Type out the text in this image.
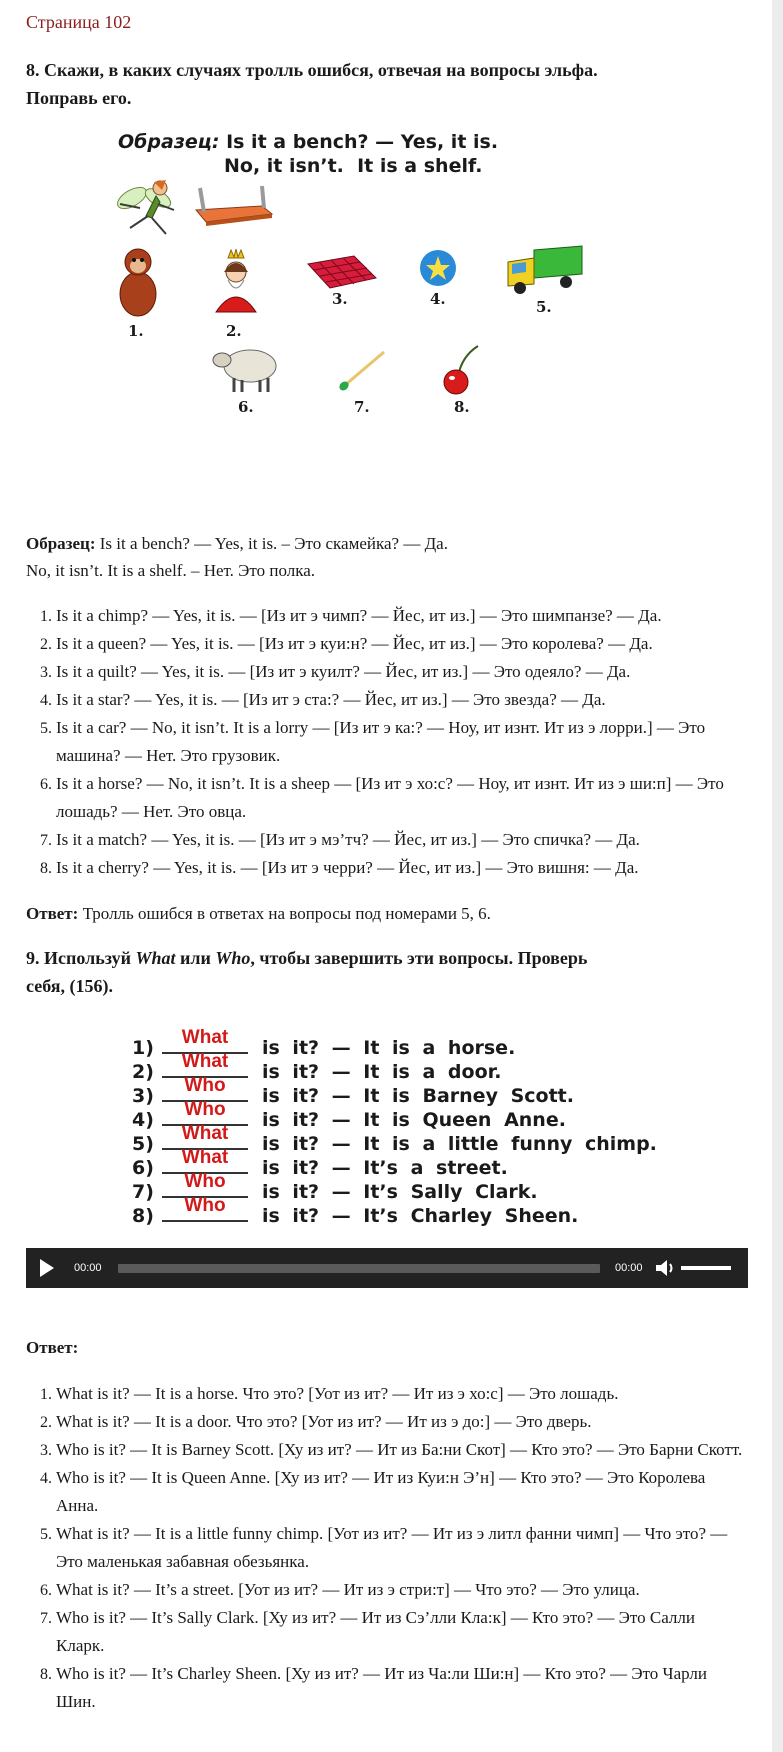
Страница 102
8. Скажи, в каких случаях тролль ошибся, отвечая на вопросы эльфа.
Поправь его.
Образец: Is it a bench? — Yes, it is.
No, it isn’t.  It is a shelf.
1.	2.
3.	4.	5.
6.	7.	8.
Образец: Is it a bench? — Yes, it is. – Это скамейка? — Да.
No, it isn’t. It is a shelf. – Нет. Это полка.
1. Is it a chimp? — Yes, it is. — [Из ит э чимп? — Йес, ит из.] — Это шимпанзе? — Да.
2. Is it a queen? — Yes, it is. — [Из ит э куи:н? — Йес, ит из.] — Это королева? — Да.
3. Is it a quilt? — Yes, it is. — [Из ит э куилт? — Йес, ит из.] — Это одеяло? — Да.
4. Is it a star? — Yes, it is. — [Из ит э ста:? — Йес, ит из.] — Это звезда? — Да.
5. Is it a car? — No, it isn’t. It is a lorry — [Из ит э ка:? — Ноу, ит изнт. Ит из э лорри.] — Это машина? — Нет. Это грузовик.
6. Is it a horse? — No, it isn’t. It is a sheep — [Из ит э хо:с? — Ноу, ит изнт. Ит из э ши:п] — Это лошадь? — Нет. Это овца.
7. Is it a match? — Yes, it is. — [Из ит э мэ’тч? — Йес, ит из.] — Это спичка? — Да.
8. Is it a cherry? — Yes, it is. — [Из ит э черри? — Йес, ит из.] — Это вишня: — Да.
Ответ: Тролль ошибся в ответах на вопросы под номерами 5, 6.
9. Используй What или Who, чтобы завершить эти вопросы. Проверь
себя, (156).
1)	What	is it? — It is a horse.
2)	What	is it? — It is a door.
3)	Who	is it? — It is Barney Scott.
4)	Who	is it? — It is Queen Anne.
5)	What	is it? — It is a little funny chimp.
6)	What	is it? — It’s a street.
7)	Who	is it? — It’s Sally Clark.
8)	Who	is it? — It’s Charley Sheen.
00:00	00:00
Ответ:
1. What is it? — It is a horse. Что это? [Уот из ит? — Ит из э хо:с] — Это лошадь.
2. What is it? — It is a door. Что это? [Уот из ит? — Ит из э до:] — Это дверь.
3. Who is it? — It is Barney Scott. [Ху из ит? — Ит из Ба:ни Скот] — Кто это? — Это Барни Скотт.
4. Who is it? — It is Queen Anne. [Ху из ит? — Ит из Куи:н Э’н] — Кто это? — Это Королева Анна.
5. What is it? — It is a little funny chimp. [Уот из ит? — Ит из э литл фанни чимп] — Что это? — Это маленькая забавная обезьянка.
6. What is it? — It’s a street. [Уот из ит? — Ит из э стри:т] — Что это? — Это улица.
7. Who is it? — It’s Sally Clark. [Ху из ит? — Ит из Сэ’лли Кла:к] — Кто это? — Это Салли Кларк.
8. Who is it? — It’s Charley Sheen. [Ху из ит? — Ит из Ча:ли Ши:н] — Кто это? — Это Чарли Шин.
